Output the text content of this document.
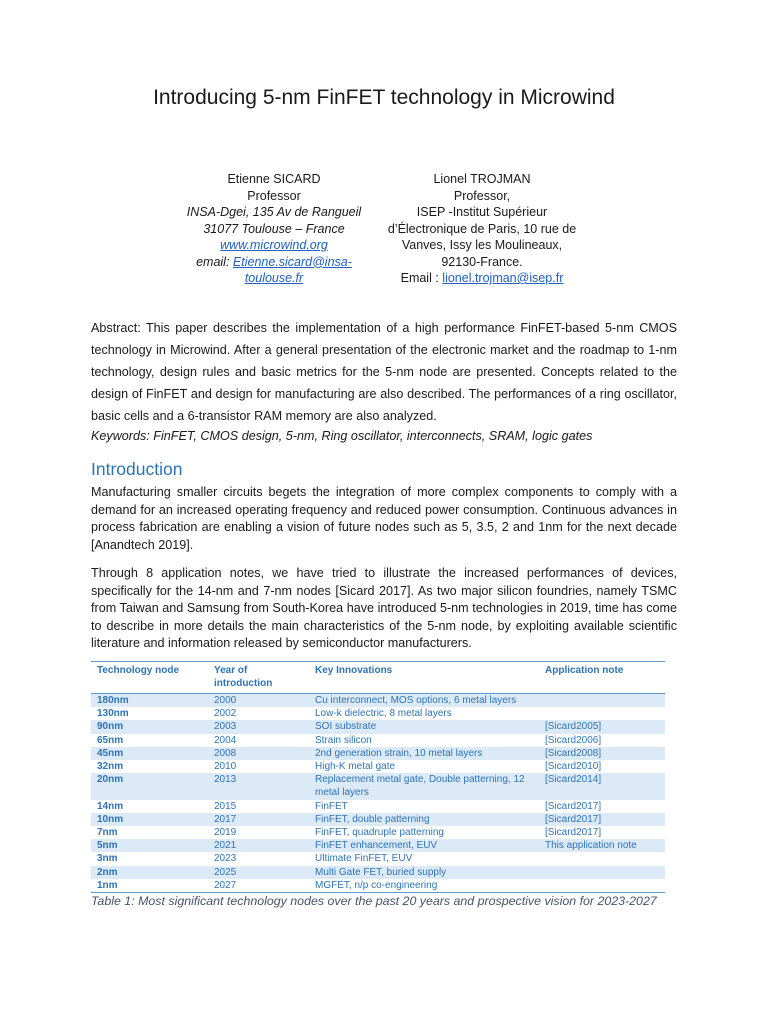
Introducing 5-nm FinFET technology in Microwind
Etienne SICARD
Professor
INSA-Dgei, 135 Av de Rangueil
31077 Toulouse – France
www.microwind.org
email: Etienne.sicard@insa-
toulouse.fr
Lionel TROJMAN
Professor,
ISEP -Institut Supérieur
d’Électronique de Paris, 10 rue de
Vanves, Issy les Moulineaux,
92130-France.
Email : lionel.trojman@isep.fr
Abstract: This paper describes the implementation of a high performance FinFET-based 5-nm CMOS technology in Microwind. After a general presentation of the electronic market and the roadmap to 1-nm technology, design rules and basic metrics for the 5-nm node are presented. Concepts related to the design of FinFET and design for manufacturing are also described. The performances of a ring oscillator, basic cells and a 6-transistor RAM memory are also analyzed.
Keywords: FinFET, CMOS design, 5-nm, Ring oscillator, interconnects, SRAM, logic gates
Introduction
Manufacturing smaller circuits begets the integration of more complex components to comply with a demand for an increased operating frequency and reduced power consumption. Continuous advances in process fabrication are enabling a vision of future nodes such as 5, 3.5, 2 and 1nm for the next decade [Anandtech 2019].
Through 8 application notes, we have tried to illustrate the increased performances of devices, specifically for the 14-nm and 7-nm nodes [Sicard 2017]. As two major silicon foundries, namely TSMC from Taiwan and Samsung from South-Korea have introduced 5-nm technologies in 2019, time has come to describe in more details the main characteristics of the 5-nm node, by exploiting available scientific literature and information released by semiconductor manufacturers.
Technology node	Year of introduction	Key Innovations	Application note
180nm	2000	Cu interconnect, MOS options, 6 metal layers	
130nm	2002	Low-k dielectric, 8 metal layers	
90nm	2003	SOI substrate	[Sicard2005]
65nm	2004	Strain silicon	[Sicard2006]
45nm	2008	2nd generation strain, 10 metal layers	[Sicard2008]
32nm	2010	High-K metal gate	[Sicard2010]
20nm	2013	Replacement metal gate, Double patterning, 12 metal layers	[Sicard2014]
14nm	2015	FinFET	[Sicard2017]
10nm	2017	FinFET, double patterning	[Sicard2017]
7nm	2019	FinFET, quadruple patterning	[Sicard2017]
5nm	2021	FinFET enhancement, EUV	This application note
3nm	2023	Ultimate FinFET, EUV	
2nm	2025	Multi Gate FET, buried supply	
1nm	2027	MGFET, n/p co-engineering	
Table 1: Most significant technology nodes over the past 20 years and prospective vision for 2023-2027
